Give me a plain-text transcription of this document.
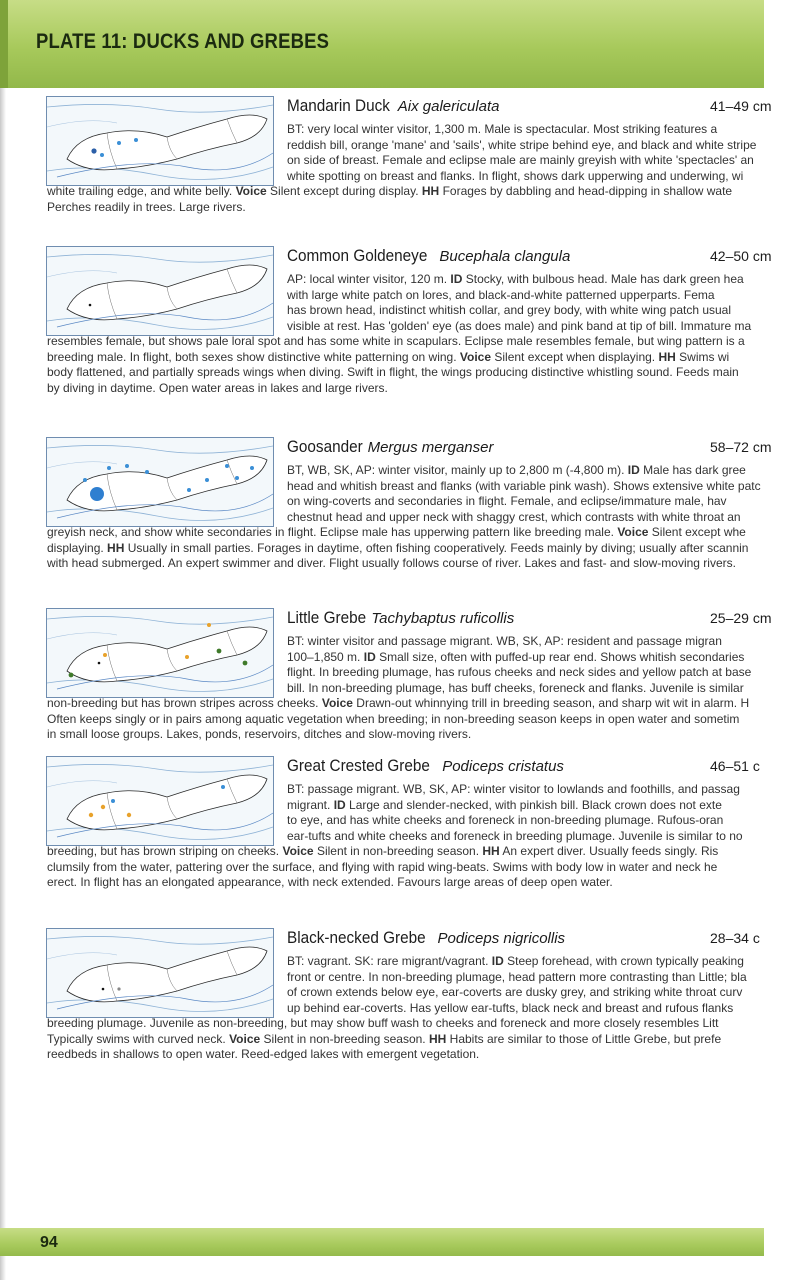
PLATE 11: DUCKS AND GREBES
Mandarin Duck Aix galericulata	41–49 cm
BT: very local winter visitor, 1,300 m. Male is spectacular. Most striking features a
reddish bill, orange 'mane' and 'sails', white stripe behind eye, and black and white stripe
on side of breast. Female and eclipse male are mainly greyish with white 'spectacles' an
white spotting on breast and flanks. In flight, shows dark upperwing and underwing, wi
white trailing edge, and white belly. Voice Silent except during display. HH Forages by dabbling and head-dipping in shallow wate
Perches readily in trees. Large rivers.
Common Goldeneye Bucephala clangula	42–50 cm
AP: local winter visitor, 120 m. ID Stocky, with bulbous head. Male has dark green hea
with large white patch on lores, and black-and-white patterned upperparts. Fema
has brown head, indistinct whitish collar, and grey body, with white wing patch usual
visible at rest. Has 'golden' eye (as does male) and pink band at tip of bill. Immature ma
resembles female, but shows pale loral spot and has some white in scapulars. Eclipse male resembles female, but wing pattern is a
breeding male. In flight, both sexes show distinctive white patterning on wing. Voice Silent except when displaying. HH Swims wi
body flattened, and partially spreads wings when diving. Swift in flight, the wings producing distinctive whistling sound. Feeds main
by diving in daytime. Open water areas in lakes and large rivers.
Goosander Mergus merganser	58–72 cm
BT, WB, SK, AP: winter visitor, mainly up to 2,800 m (-4,800 m). ID Male has dark gree
head and whitish breast and flanks (with variable pink wash). Shows extensive white patc
on wing-coverts and secondaries in flight. Female, and eclipse/immature male, hav
chestnut head and upper neck with shaggy crest, which contrasts with white throat an
greyish neck, and show white secondaries in flight. Eclipse male has upperwing pattern like breeding male. Voice Silent except whe
displaying. HH Usually in small parties. Forages in daytime, often fishing cooperatively. Feeds mainly by diving; usually after scannin
with head submerged. An expert swimmer and diver. Flight usually follows course of river. Lakes and fast- and slow-moving rivers.
Little Grebe Tachybaptus ruficollis	25–29 cm
BT: winter visitor and passage migrant. WB, SK, AP: resident and passage migran
100–1,850 m. ID Small size, often with puffed-up rear end. Shows whitish secondaries
flight. In breeding plumage, has rufous cheeks and neck sides and yellow patch at base
bill. In non-breeding plumage, has buff cheeks, foreneck and flanks. Juvenile is similar
non-breeding but has brown stripes across cheeks. Voice Drawn-out whinnying trill in breeding season, and sharp wit wit in alarm. H
Often keeps singly or in pairs among aquatic vegetation when breeding; in non-breeding season keeps in open water and sometim
in small loose groups. Lakes, ponds, reservoirs, ditches and slow-moving rivers.
Great Crested Grebe Podiceps cristatus	46–51 c
BT: passage migrant. WB, SK, AP: winter visitor to lowlands and foothills, and passag
migrant. ID Large and slender-necked, with pinkish bill. Black crown does not exte
to eye, and has white cheeks and foreneck in non-breeding plumage. Rufous-oran
ear-tufts and white cheeks and foreneck in breeding plumage. Juvenile is similar to no
breeding, but has brown striping on cheeks. Voice Silent in non-breeding season. HH An expert diver. Usually feeds singly. Ris
clumsily from the water, pattering over the surface, and flying with rapid wing-beats. Swims with body low in water and neck he
erect. In flight has an elongated appearance, with neck extended. Favours large areas of deep open water.
Black-necked Grebe Podiceps nigricollis	28–34 c
BT: vagrant. SK: rare migrant/vagrant. ID Steep forehead, with crown typically peaking
front or centre. In non-breeding plumage, head pattern more contrasting than Little; bla
of crown extends below eye, ear-coverts are dusky grey, and striking white throat curv
up behind ear-coverts. Has yellow ear-tufts, black neck and breast and rufous flanks
breeding plumage. Juvenile as non-breeding, but may show buff wash to cheeks and foreneck and more closely resembles Litt
Typically swims with curved neck. Voice Silent in non-breeding season. HH Habits are similar to those of Little Grebe, but prefe
reedbeds in shallows to open water. Reed-edged lakes with emergent vegetation.
94
